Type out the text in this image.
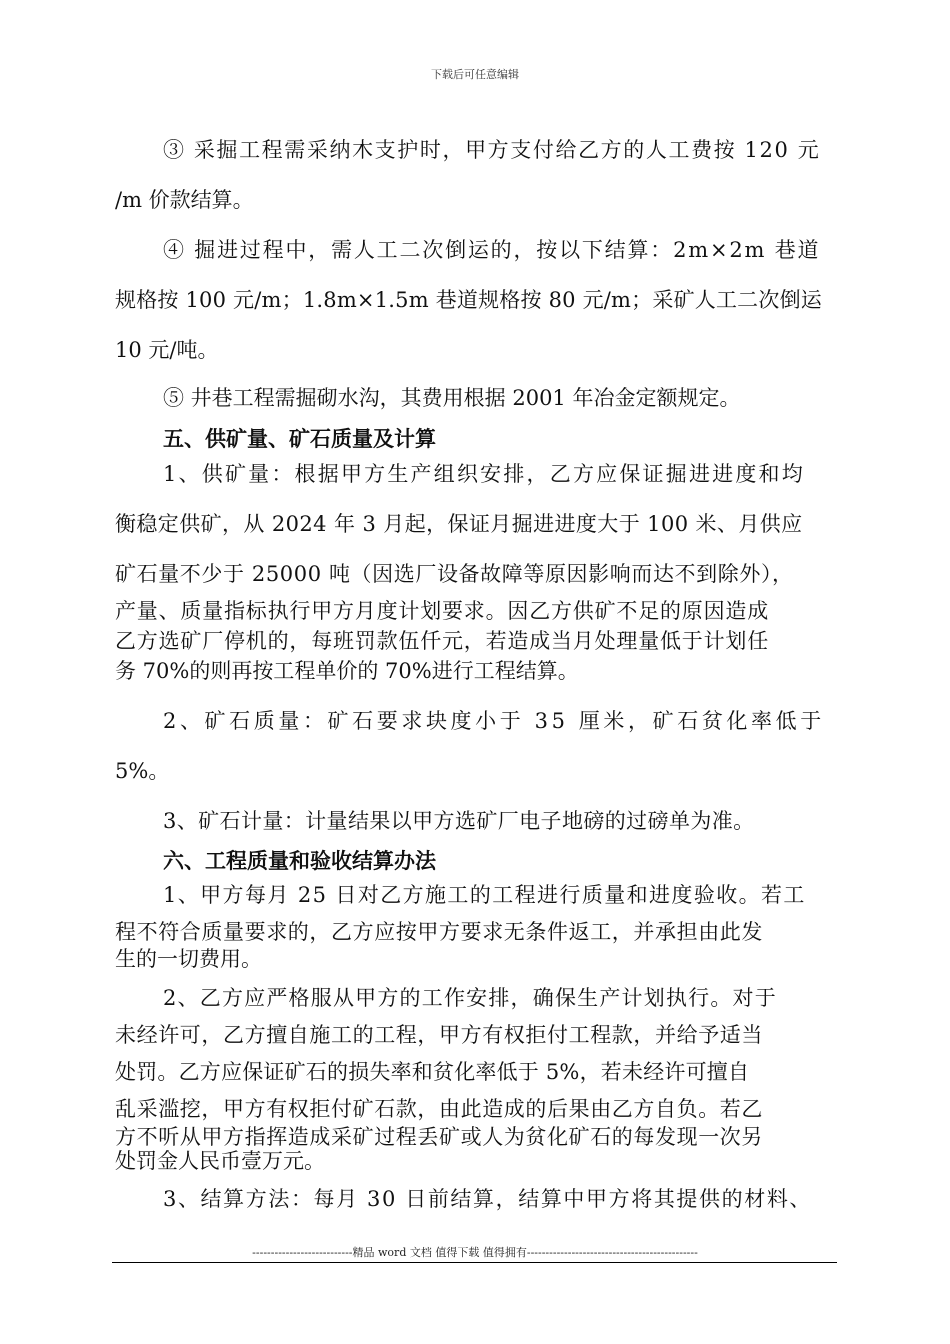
下载后可任意编辑
③ 采掘工程需采纳木支护时，甲方支付给乙方的人工费按 120 元
/m 价款结算。
④ 掘进过程中，需人工二次倒运的，按以下结算：2m×2m 巷道
规格按 100 元/m；1.8m×1.5m 巷道规格按 80 元/m；采矿人工二次倒运
10 元/吨。
⑤ 井巷工程需掘砌水沟，其费用根据 2001 年冶金定额规定。
五、供矿量、矿石质量及计算
1、供矿量：根据甲方生产组织安排，乙方应保证掘进进度和均
衡稳定供矿，从 2024 年 3 月起，保证月掘进进度大于 100 米、月供应
矿石量不少于 25000 吨（因选厂设备故障等原因影响而达不到除外），
产量、质量指标执行甲方月度计划要求。因乙方供矿不足的原因造成
乙方选矿厂停机的，每班罚款伍仟元，若造成当月处理量低于计划任
务 70%的则再按工程单价的 70%进行工程结算。
2、矿石质量：矿石要求块度小于 35 厘米，矿石贫化率低于
5%。
3、矿石计量：计量结果以甲方选矿厂电子地磅的过磅单为准。
六、工程质量和验收结算办法
1、甲方每月 25 日对乙方施工的工程进行质量和进度验收。若工
程不符合质量要求的，乙方应按甲方要求无条件返工，并承担由此发
生的一切费用。
2、乙方应严格服从甲方的工作安排，确保生产计划执行。对于
未经许可，乙方擅自施工的工程，甲方有权拒付工程款，并给予适当
处罚。乙方应保证矿石的损失率和贫化率低于 5%，若未经许可擅自
乱采滥挖，甲方有权拒付矿石款，由此造成的后果由乙方自负。若乙
方不听从甲方指挥造成采矿过程丢矿或人为贫化矿石的每发现一次另
处罚金人民币壹万元。
3、结算方法：每月 30 日前结算，结算中甲方将其提供的材料、
---------------------------精品 word 文档 值得下载 值得拥有----------------------------------------------
